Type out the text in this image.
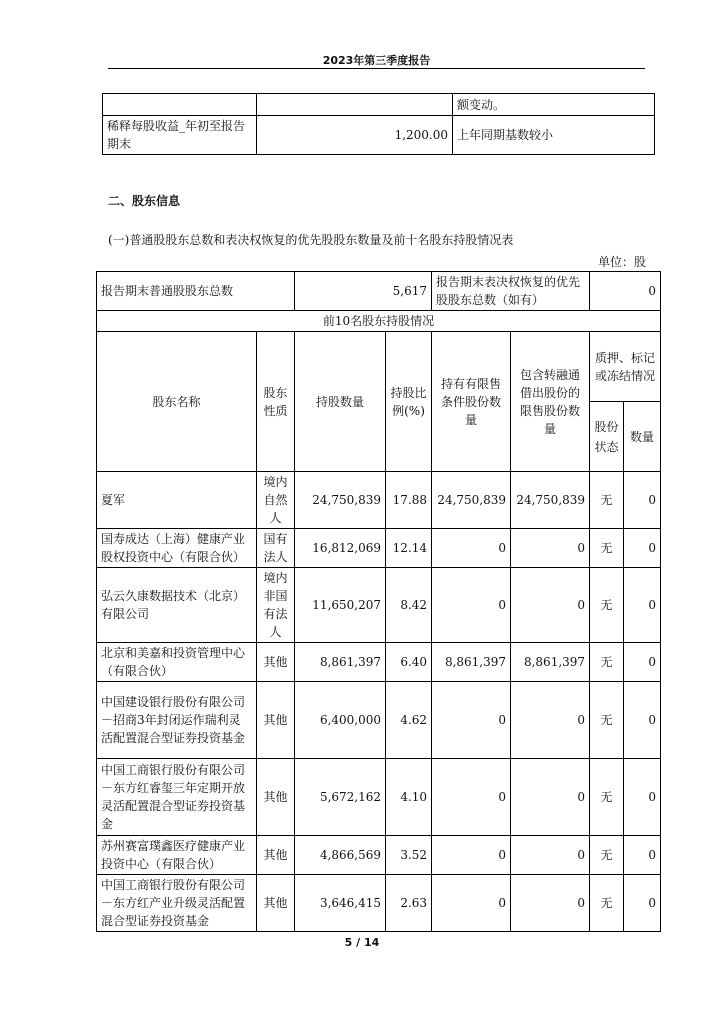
2023年第三季度报告
		额变动。
稀释每股收益_年初至报告期末	1,200.00	上年同期基数较小
二、股东信息
(一)普通股股东总数和表决权恢复的优先股股东数量及前十名股东持股情况表
单位：股
报告期末普通股股东总数		5,617		报告期末表决权恢复的优先股股东总数（如有）		0	
前10名股东持股情况							
股东名称	股东性质	持股数量	持股比例(%)	持有有限售条件股份数量	包含转融通借出股份的限售股份数量	质押、标记或冻结情况	
						股份状态	数量
夏军	境内自然人	24,750,839	17.88	24,750,839	24,750,839	无	0
国寿成达（上海）健康产业股权投资中心（有限合伙）	国有法人	16,812,069	12.14	0	0	无	0
弘云久康数据技术（北京）有限公司	境内非国有法人	11,650,207	8.42	0	0	无	0
北京和美嘉和投资管理中心（有限合伙）	其他	8,861,397	6.40	8,861,397	8,861,397	无	0
中国建设银行股份有限公司－招商3年封闭运作瑞利灵活配置混合型证券投资基金	其他	6,400,000	4.62	0	0	无	0
中国工商银行股份有限公司－东方红睿玺三年定期开放灵活配置混合型证券投资基金	其他	5,672,162	4.10	0	0	无	0
苏州赛富璞鑫医疗健康产业投资中心（有限合伙）	其他	4,866,569	3.52	0	0	无	0
中国工商银行股份有限公司－东方红产业升级灵活配置混合型证券投资基金	其他	3,646,415	2.63	0	0	无	0
5 / 14
